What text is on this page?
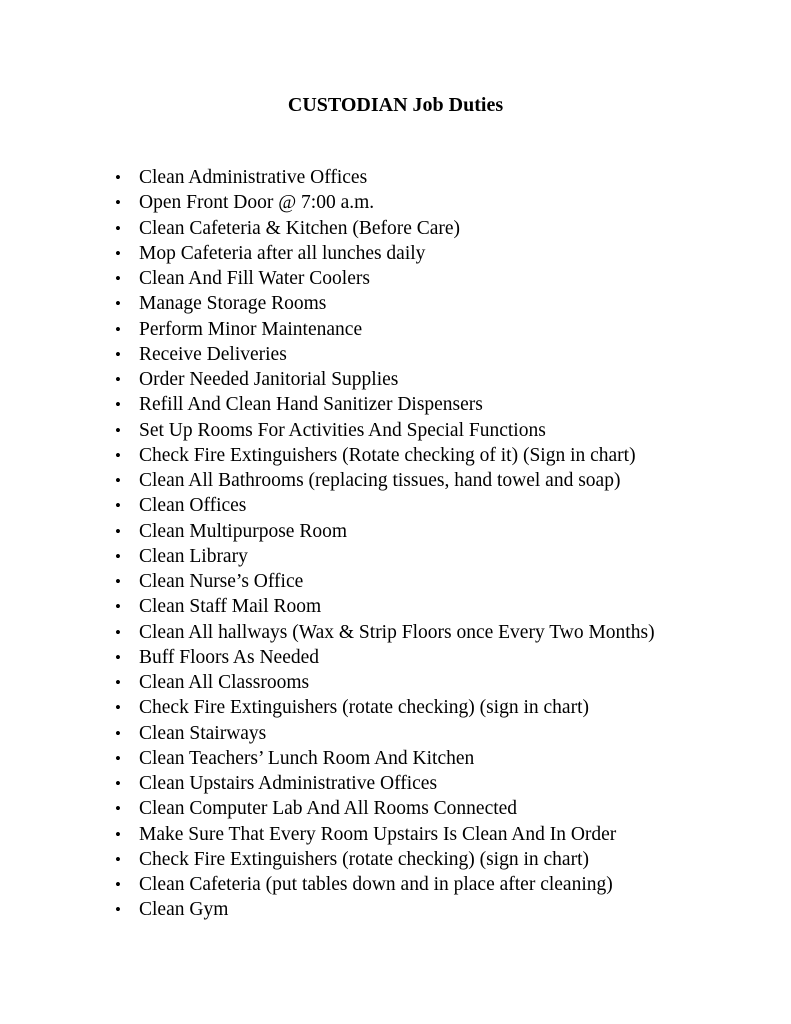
CUSTODIAN Job Duties
• Clean Administrative Offices
• Open Front Door @ 7:00 a.m.
• Clean Cafeteria & Kitchen (Before Care)
• Mop Cafeteria after all lunches daily
• Clean And Fill Water Coolers
• Manage Storage Rooms
• Perform Minor Maintenance
• Receive Deliveries
• Order Needed Janitorial Supplies
• Refill And Clean Hand Sanitizer Dispensers
• Set Up Rooms For Activities And Special Functions
• Check Fire Extinguishers (Rotate checking of it) (Sign in chart)
• Clean All Bathrooms (replacing tissues, hand towel and soap)
• Clean Offices
• Clean Multipurpose Room
• Clean Library
• Clean Nurse’s Office
• Clean Staff Mail Room
• Clean All hallways (Wax & Strip Floors once Every Two Months)
• Buff Floors As Needed
• Clean All Classrooms
• Check Fire Extinguishers (rotate checking) (sign in chart)
• Clean Stairways
• Clean Teachers’ Lunch Room And Kitchen
• Clean Upstairs Administrative Offices
• Clean Computer Lab And All Rooms Connected
• Make Sure That Every Room Upstairs Is Clean And In Order
• Check Fire Extinguishers (rotate checking) (sign in chart)
• Clean Cafeteria (put tables down and in place after cleaning)
• Clean Gym
